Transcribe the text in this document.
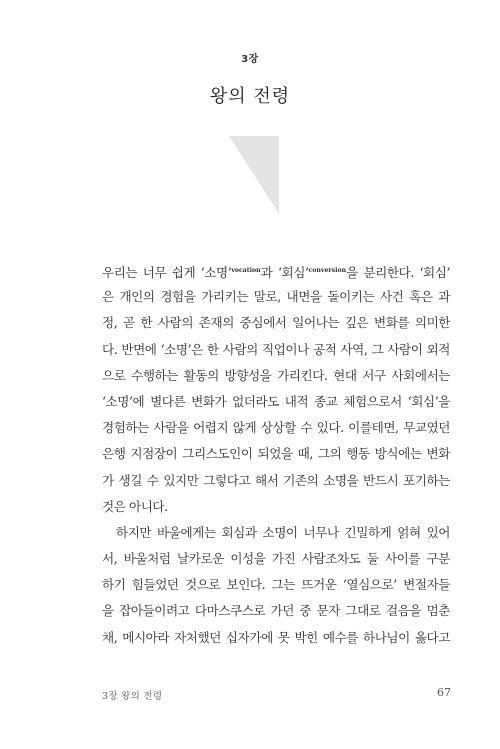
3장
왕의 전령
우리는 너무 쉽게 ‘소명’$^{vocation}$과 ‘회심’$^{conversion}$을 분리한다. ‘회심’
은 개인의 경험을 가리키는 말로, 내면을 돌이키는 사건 혹은 과
정, 곧 한 사람의 존재의 중심에서 일어나는 깊은 변화를 의미한
다. 반면에 ‘소명’은 한 사람의 직업이나 공적 사역, 그 사람이 외적
으로 수행하는 활동의 방향성을 가리킨다. 현대 서구 사회에서는
‘소명’에 별다른 변화가 없더라도 내적 종교 체험으로서 ‘회심’을
경험하는 사람을 어렵지 않게 상상할 수 있다. 이를테면, 무교였던
은행 지점장이 그리스도인이 되었을 때, 그의 행동 방식에는 변화
가 생길 수 있지만 그렇다고 해서 기존의 소명을 반드시 포기하는
것은 아니다.
하지만 바울에게는 회심과 소명이 너무나 긴밀하게 얽혀 있어
서, 바울처럼 날카로운 이성을 가진 사람조차도 둘 사이를 구분
하기 힘들었던 것으로 보인다. 그는 뜨거운 ‘열심으로’ 변절자들
을 잡아들이려고 다마스쿠스로 가던 중 문자 그대로 걸음을 멈춘
채, 메시아라 자처했던 십자가에 못 박힌 예수를 하나님이 옳다고
3장 왕의 전령	67
